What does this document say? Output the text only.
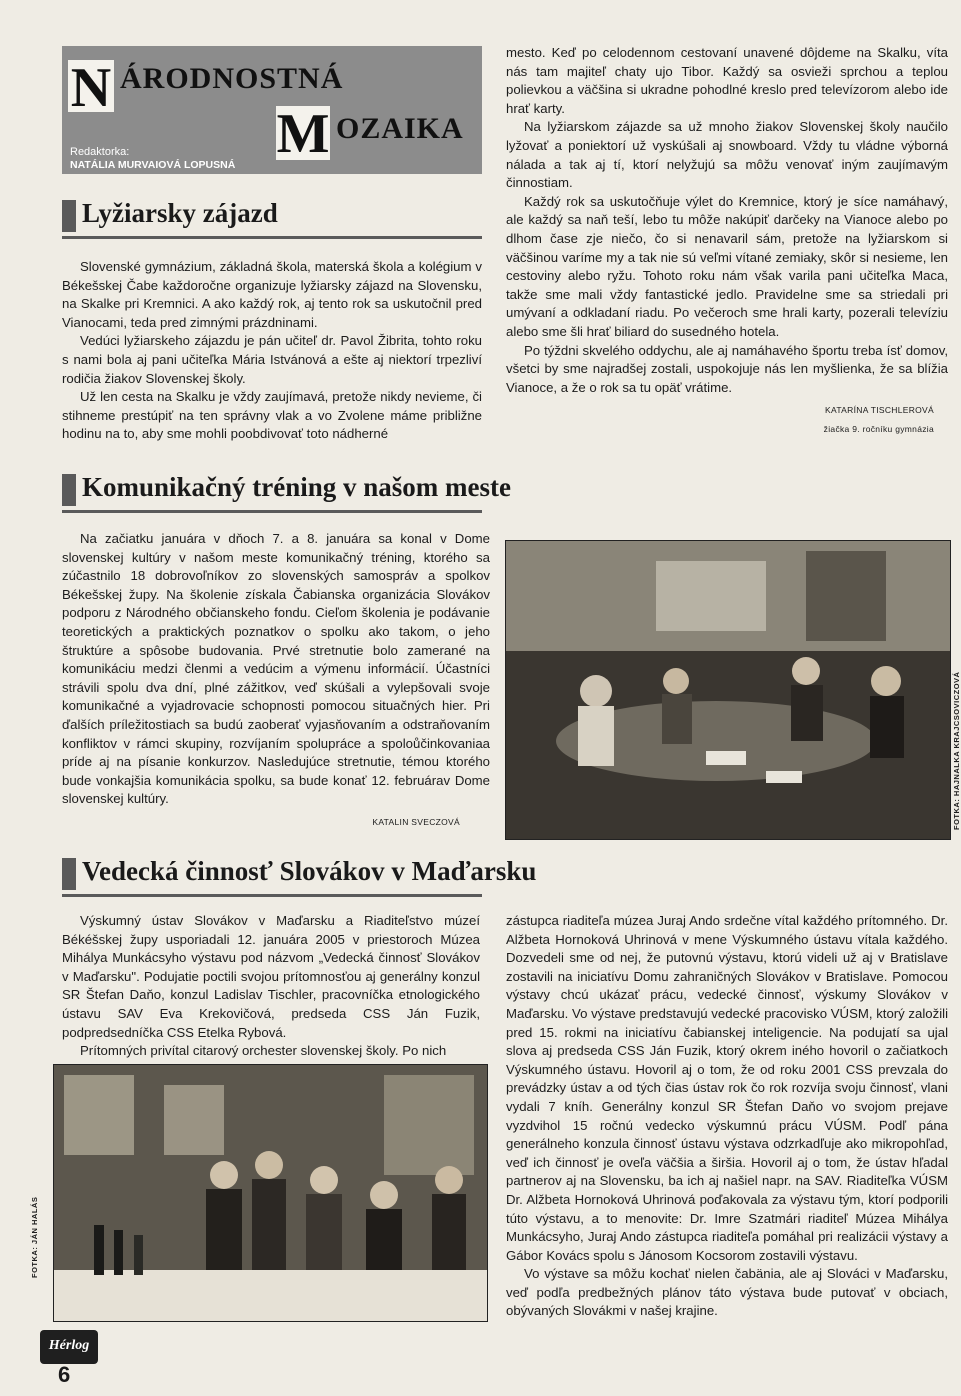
N ÁRODNOSTNÁ
M OZAIKA
Redaktorka:
NATÁLIA MURVAIOVÁ LOPUSNÁ
Lyžiarsky zájazd

Slovenské gymnázium, základná škola, materská škola a kolégium v Békešskej Čabe každoročne organizuje lyžiarsky zájazd na Slovensku, na Skalke pri Kremnici. A ako každý rok, aj tento rok sa uskutočnil pred Vianocami, teda pred zimnými prázdninami.

Vedúci lyžiarskeho zájazdu je pán učiteľ dr. Pavol Žibrita, tohto roku s nami bola aj pani učiteľka Mária Istvánová a ešte aj niektorí trpezliví rodičia žiakov Slovenskej školy.

Už len cesta na Skalku je vždy zaujímavá, pretože nikdy nevieme, či stihneme prestúpiť na ten správny vlak a vo Zvolene máme približne hodinu na to, aby sme mohli poobdivovať toto nádherné

mesto. Keď po celodennom cestovaní unavené dôjdeme na Skalku, víta nás tam majiteľ chaty ujo Tibor. Každý sa osvieži sprchou a teplou polievkou a väčšina si ukradne pohodlné kreslo pred televízorom alebo ide hrať karty.

Na lyžiarskom zájazde sa už mnoho žiakov Slovenskej školy naučilo lyžovať a poniektorí už vyskúšali aj snowboard. Vždy tu vládne výborná nálada a tak aj tí, ktorí nelyžujú sa môžu venovať iným zaujímavým činnostiam.

Každý rok sa uskutočňuje výlet do Kremnice, ktorý je síce namáhavý, ale každý sa naň teší, lebo tu môže nakúpiť darčeky na Vianoce alebo po dlhom čase zje niečo, čo si nenavaril sám, pretože na lyžiarskom si väčšinou varíme my a tak nie sú veľmi vítané zemiaky, skôr si nesieme, len cestoviny alebo ryžu. Tohoto roku nám však varila pani učiteľka Maca, takže sme mali vždy fantastické jedlo. Pravidelne sme sa striedali pri umývaní a odkladaní riadu. Po večeroch sme hrali karty, pozerali televíziu alebo sme šli hrať biliard do susedného hotela.

Po týždni skvelého oddychu, ale aj namáhavého športu treba ísť domov, všetci by sme najradšej zostali, uspokojuje nás len myšlienka, že sa blížia Vianoce, a že o rok sa tu opäť vrátime.

KATARÍNA TISCHLEROVÁ
žiačka 9. ročníku gymnázia
Komunikačný tréning v našom meste

Na začiatku januára v dňoch 7. a 8. januára sa konal v Dome slovenskej kultúry v našom meste komunikačný tréning, ktorého sa zúčastnilo 18 dobrovoľníkov zo slovenských samospráv a spolkov Békešskej župy. Na školenie získala Čabianska organizácia Slovákov podporu z Národného občianskeho fondu. Cieľom školenia je podávanie teoretických a praktických poznatkov o spolku ako takom, o jeho štruktúre a spôsobe budovania. Prvé stretnutie bolo zamerané na komunikáciu medzi členmi a vedúcim a výmenu informácií. Účastníci strávili spolu dva dní, plné zážitkov, veď skúšali a vylepšovali svoje komunikačné a vyjadrovacie schopnosti pomocou situačných hier. Pri ďalších príležitostiach sa budú zaoberať vyjasňovaním a odstraňovaním konfliktov v rámci skupiny, rozvíjaním spolupráce a spoloůčinkovaniaa príde aj na písanie konkurzov. Nasledujúce stretnutie, témou ktorého bude vonkajšia komunikácia spolku, sa bude konať 12. februárav Dome slovenskej kultúry.

KATALIN SVECZOVÁ	FOTKA: HAJNALKA KRAJCSOVICZOVÁ
Vedecká činnosť Slovákov v Maďarsku

Výskumný ústav Slovákov v Maďarsku a Riaditeľstvo múzeí Békéšskej župy usporiadali 12. januára 2005 v priestoroch Múzea Mihálya Munkácsyho výstavu pod názvom „Vedecká činnosť Slovákov v Maďarsku". Podujatie poctili svojou prítomnosťou aj generálny konzul SR Štefan Daňo, konzul Ladislav Tischler, pracovníčka etnologického ústavu SAV Eva Krekovičová, predseda CSS Ján Fuzik, podpredsedníčka CSS Etelka Rybová.

Prítomných privítal citarový orchester slovenskej školy. Po nich

FOTKA: JÁN HALÁS

zástupca riaditeľa múzea Juraj Ando srdečne vítal každého prítomného. Dr. Alžbeta Hornoková Uhrinová v mene Výskumného ústavu vítala každého. Dozvedeli sme od nej, že putovnú výstavu, ktorú videli už aj v Bratislave zostavili na iniciatívu Domu zahraničných Slovákov v Bratislave. Pomocou výstavy chcú ukázať prácu, vedecké činnosť, výskumy Slovákov v Maďarsku. Vo výstave predstavujú vedecké pracovisko VÚSM, ktorý založili pred 15. rokmi na iniciatívu čabianskej inteligencie. Na podujatí sa ujal slova aj predseda CSS Ján Fuzik, ktorý okrem iného hovoril o začiatkoch Výskumného ústavu. Hovoril aj o tom, že od roku 2001 CSS prevzala do prevádzky ústav a od tých čias ústav rok čo rok rozvíja svoju činnosť, vlani vydali 7 kníh. Generálny konzul SR Štefan Daňo vo svojom prejave vyzdvihol 15 ročnú vedecko výskumnú prácu VÚSM. Podľ pána generálneho konzula činnosť ústavu výstava odzrkadľuje ako mikropohľad, veď ich činnosť je oveľa väčšia a širšia. Hovoril aj o tom, že ústav hľadal partnerov aj na Slovensku, ba ich aj našiel napr. na SAV. Riaditeľka VÚSM Dr. Alžbeta Hornoková Uhrinová poďakovala za výstavu tým, ktorí podporili túto výstavu, a to menovite: Dr. Imre Szatmári riaditeľ Múzea Mihálya Munkácsyho, Juraj Ando zástupca riaditeľa pomáhal pri realizácii výstavy a Gábor Kovács spolu s Jánosom Kocsorom zostavili výstavu.

Vo výstave sa môžu kochať nielen čabänia, ale aj Slováci v Maďarsku, veď podľa predbežných plánov táto výstava bude putovať v obciach, obývaných Slovákmi v našej krajine.

Hérlog
6
